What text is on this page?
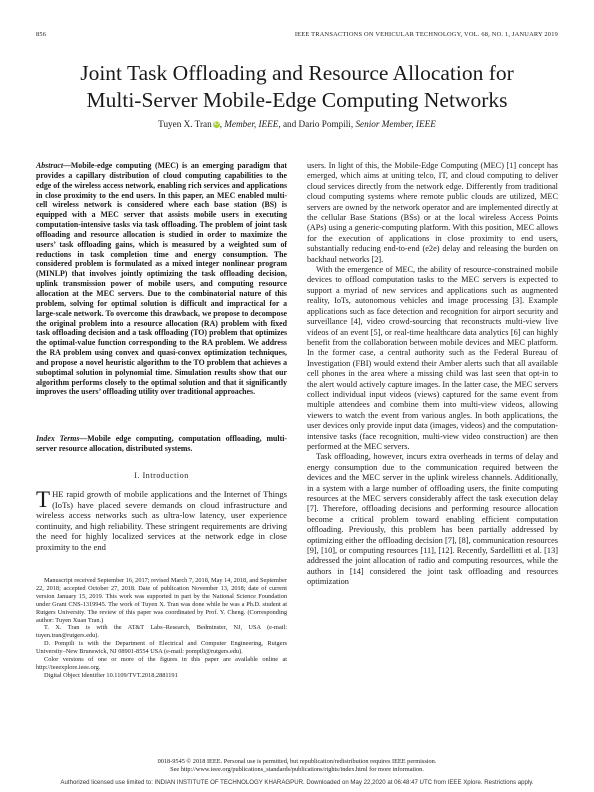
856	IEEE TRANSACTIONS ON VEHICULAR TECHNOLOGY, VOL. 68, NO. 1, JANUARY 2019
Joint Task Offloading and Resource Allocation for
Multi-Server Mobile-Edge Computing Networks
Tuyen X. Tran iD, Member, IEEE, and Dario Pompili, Senior Member, IEEE
Abstract—Mobile-edge computing (MEC) is an emerging paradigm that provides a capillary distribution of cloud computing capabilities to the edge of the wireless access network, enabling rich services and applications in close proximity to the end users. In this paper, an MEC enabled multi-cell wireless network is considered where each base station (BS) is equipped with a MEC server that assists mobile users in executing computation-intensive tasks via task offloading. The problem of joint task offloading and resource allocation is studied in order to maximize the users’ task offloading gains, which is measured by a weighted sum of reductions in task completion time and energy consumption. The considered problem is formulated as a mixed integer nonlinear program (MINLP) that involves jointly optimizing the task offloading decision, uplink transmission power of mobile users, and computing resource allocation at the MEC servers. Due to the combinatorial nature of this problem, solving for optimal solution is difficult and impractical for a large-scale network. To overcome this drawback, we propose to decompose the original problem into a resource allocation (RA) problem with fixed task offloading decision and a task offloading (TO) problem that optimizes the optimal-value function corresponding to the RA problem. We address the RA problem using convex and quasi-convex optimization techniques, and propose a novel heuristic algorithm to the TO problem that achieves a suboptimal solution in polynomial time. Simulation results show that our algorithm performs closely to the optimal solution and that it significantly improves the users’ offloading utility over traditional approaches.
Index Terms—Mobile edge computing, computation offloading, multi-server resource allocation, distributed systems.
I. Introduction
THE rapid growth of mobile applications and the Internet of Things (IoTs) have placed severe demands on cloud infrastructure and wireless access networks such as ultra-low latency, user experience continuity, and high reliability. These stringent requirements are driving the need for highly localized services at the network edge in close proximity to the end

Manuscript received September 16, 2017; revised March 7, 2018, May 14, 2018, and September 22, 2018; accepted October 27, 2018. Date of publication November 13, 2018; date of current version January 15, 2019. This work was supported in part by the National Science Foundation under Grant CNS-1319945. The work of Tuyen X. Tran was done while he was a Ph.D. student at Rutgers University. The review of this paper was coordinated by Prof. Y. Cheng. (Corresponding author: Tuyen Xuan Tran.)

T. X. Tran is with the AT&T Labs–Research, Bedminster, NJ, USA (e-mail: tuyen.tran@rutgers.edu).

D. Pompili is with the Department of Electrical and Computer Engineering, Rutgers University–New Brunswick, NJ 08901-8554 USA (e-mail: pompili@rutgers.edu).

Color versions of one or more of the figures in this paper are available online at http://ieeexplore.ieee.org.

Digital Object Identifier 10.1109/TVT.2018.2881191

users. In light of this, the Mobile-Edge Computing (MEC) [1] concept has emerged, which aims at uniting telco, IT, and cloud computing to deliver cloud services directly from the network edge. Differently from traditional cloud computing systems where remote public clouds are utilized, MEC servers are owned by the network operator and are implemented directly at the cellular Base Stations (BSs) or at the local wireless Access Points (APs) using a generic-computing platform. With this position, MEC allows for the execution of applications in close proximity to end users, substantially reducing end-to-end (e2e) delay and releasing the burden on backhaul networks [2].

With the emergence of MEC, the ability of resource-constrained mobile devices to offload computation tasks to the MEC servers is expected to support a myriad of new services and applications such as augmented reality, IoTs, autonomous vehicles and image processing [3]. Example applications such as face detection and recognition for airport security and surveillance [4], video crowd-sourcing that reconstructs multi-view live videos of an event [5], or real-time healthcare data analytics [6] can highly benefit from the collaboration between mobile devices and MEC platform. In the former case, a central authority such as the Federal Bureau of Investigation (FBI) would extend their Amber alerts such that all available cell phones in the area where a missing child was last seen that opt-in to the alert would actively capture images. In the latter case, the MEC servers collect individual input videos (views) captured for the same event from multiple attendees and combine them into multi-view videos, allowing viewers to watch the event from various angles. In both applications, the user devices only provide input data (images, videos) and the computation-intensive tasks (face recognition, multi-view video construction) are then performed at the MEC servers.

Task offloading, however, incurs extra overheads in terms of delay and energy consumption due to the communication required between the devices and the MEC server in the uplink wireless channels. Additionally, in a system with a large number of offloading users, the finite computing resources at the MEC servers considerably affect the task execution delay [7]. Therefore, offloading decisions and performing resource allocation become a critical problem toward enabling efficient computation offloading. Previously, this problem has been partially addressed by optimizing either the offloading decision [7], [8], communication resources [9], [10], or computing resources [11], [12]. Recently, Sardellitti et al. [13] addressed the joint allocation of radio and computing resources, while the authors in [14] considered the joint task offloading and resources optimization

0018-9545 © 2018 IEEE. Personal use is permitted, but republication/redistribution requires IEEE permission.
See http://www.ieee.org/publications_standards/publications/rights/index.html for more information.
Authorized licensed use limited to: INDIAN INSTITUTE OF TECHNOLOGY KHARAGPUR. Downloaded on May 22,2020 at 06:48:47 UTC from IEEE Xplore. Restrictions apply.
